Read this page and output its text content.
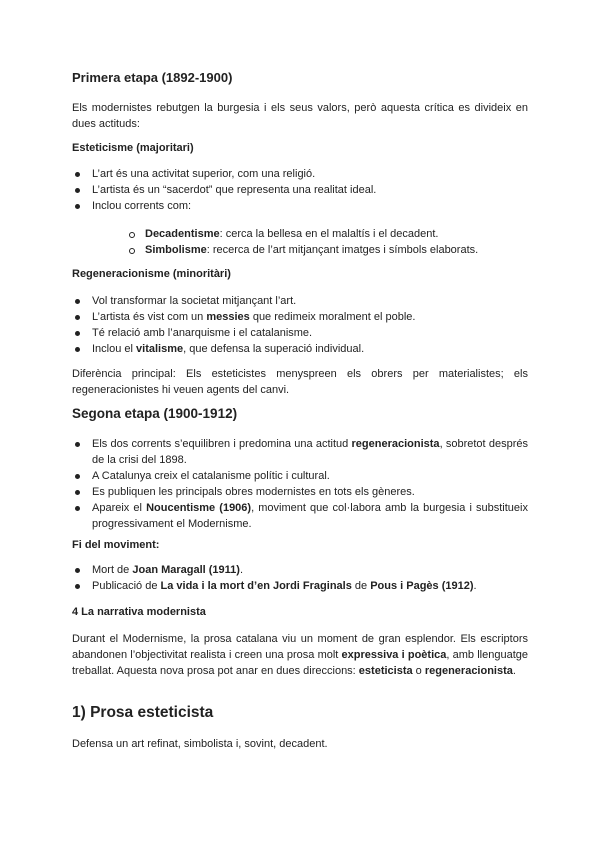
Primera etapa (1892-1900)

Els modernistes rebutgen la burgesia i els seus valors, però aquesta crítica es divideix en dues actituds:

Esteticisme (majoritari)
L’art és una activitat superior, com una religió.
L’artista és un “sacerdot” que representa una realitat ideal.
Inclou corrents com:
Decadentisme: cerca la bellesa en el malaltís i el decadent.
Simbolisme: recerca de l’art mitjançant imatges i símbols elaborats.
Regeneracionisme (minoritàri)
Vol transformar la societat mitjançant l’art.
L’artista és vist com un messies que redimeix moralment el poble.
Té relació amb l’anarquisme i el catalanisme.
Inclou el vitalisme, que defensa la superació individual.

Diferència principal: Els esteticistes menyspreen els obrers per materialistes; els regeneracionistes hi veuen agents del canvi.

Segona etapa (1900-1912)
Els dos corrents s’equilibren i predomina una actitud regeneracionista, sobretot després de la crisi del 1898.
A Catalunya creix el catalanisme polític i cultural.
Es publiquen les principals obres modernistes en tots els gèneres.
Apareix el Noucentisme (1906), moviment que col·labora amb la burgesia i substitueix progressivament el Modernisme.
Fi del moviment:
Mort de Joan Maragall (1911).
Publicació de La vida i la mort d’en Jordi Fraginals de Pous i Pagès (1912).
4 La narrativa modernista

Durant el Modernisme, la prosa catalana viu un moment de gran esplendor. Els escriptors abandonen l’objectivitat realista i creen una prosa molt expressiva i poètica, amb llenguatge treballat. Aquesta nova prosa pot anar en dues direccions: esteticista o regeneracionista.

1) Prosa esteticista

Defensa un art refinat, simbolista i, sovint, decadent.
